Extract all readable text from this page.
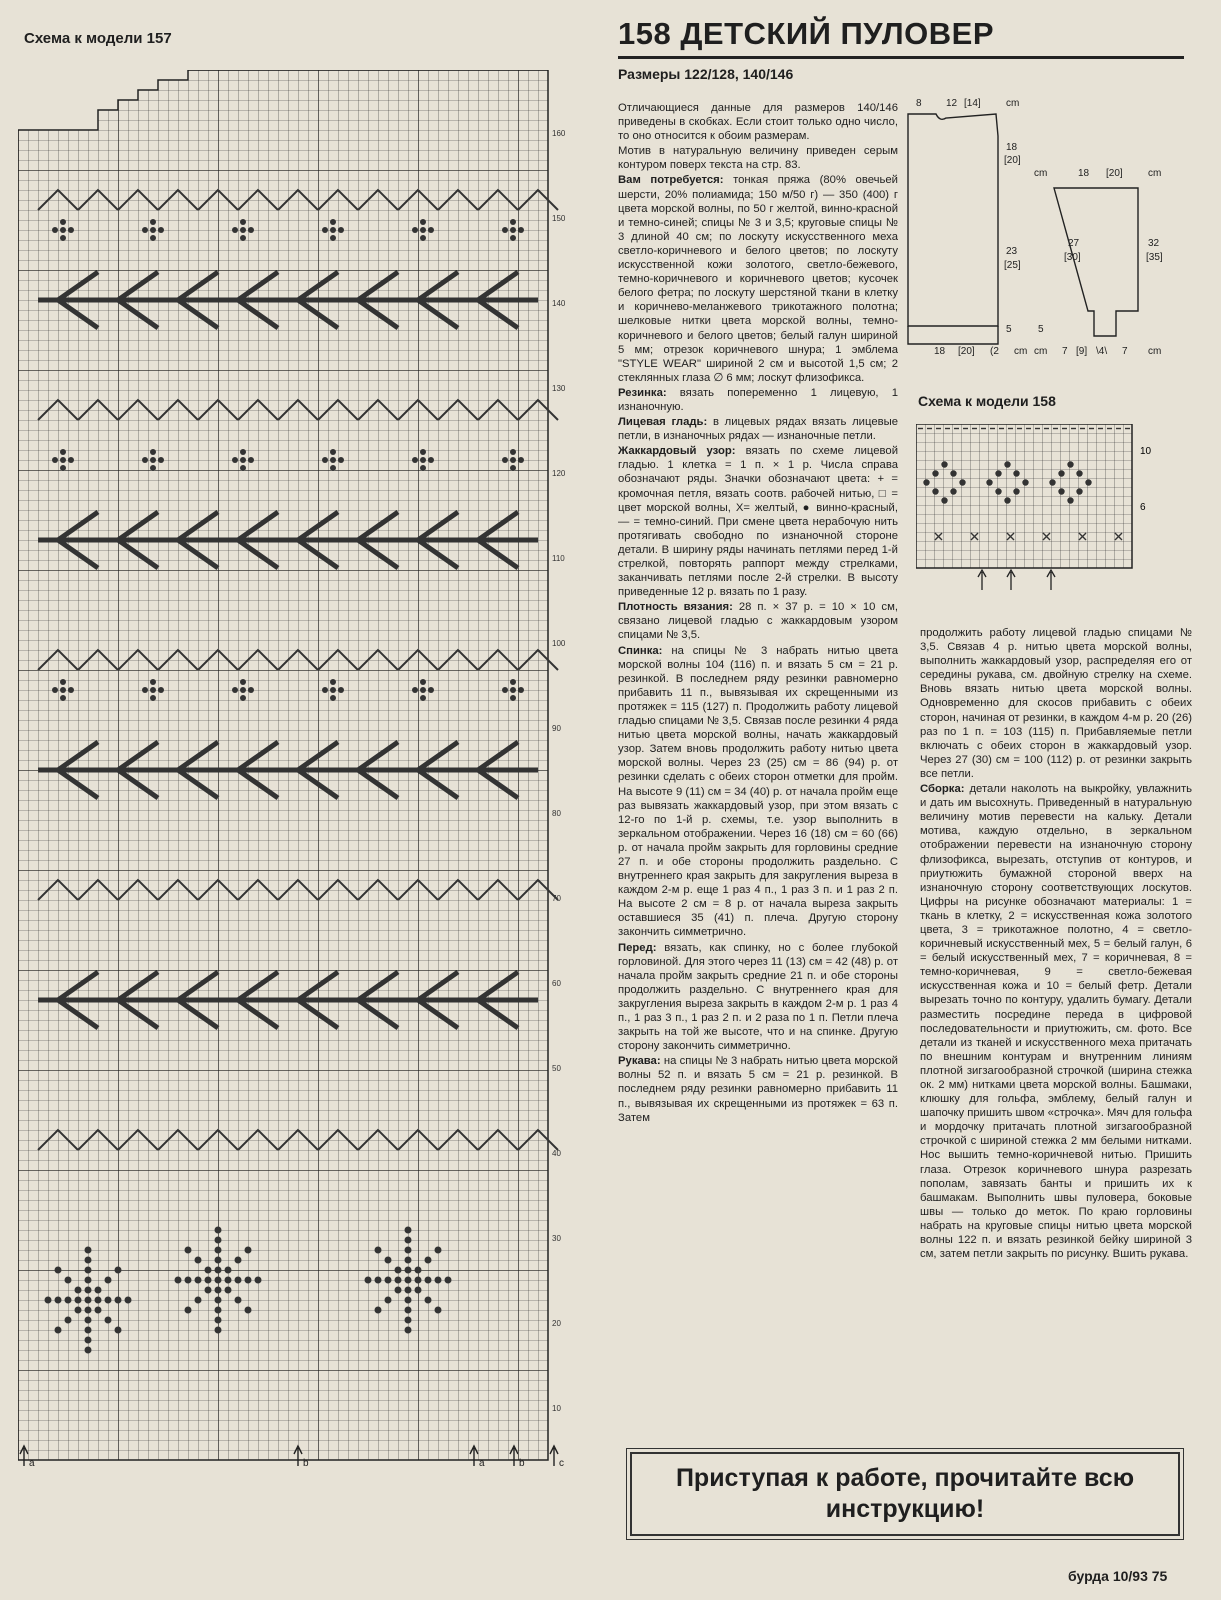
Схема к модели 157
160
150
140
130
120
110
100
90
80
70
60
50
40
30
20
10
a	b	a	b	c
158 ДЕТСКИЙ ПУЛОВЕР
Размеры 122/128, 140/146

Отличающиеся данные для размеров 140/146 приведены в скобках. Если стоит только одно число, то оно относится к обоим размерам.

Мотив в натуральную величину приведен серым контуром поверх текста на стр. 83.

Вам потребуется: тонкая пряжа (80% овечьей шерсти, 20% полиамида; 150 м/50 г) — 350 (400) г цвета морской волны, по 50 г желтой, винно-красной и темно-синей; спицы № 3 и 3,5; круговые спицы № 3 длиной 40 см; по лоскуту искусственного меха светло-коричневого и белого цветов; по лоскуту искусственной кожи золотого, светло-бежевого, темно-коричневого и коричневого цветов; кусочек белого фетра; по лоскуту шерстяной ткани в клетку и коричнево-меланжевого трикотажного полотна; шелковые нитки цвета морской волны, темно-коричневого и белого цветов; белый галун шириной 5 мм; отрезок коричневого шнура; 1 эмблема "STYLE WEAR" шириной 2 см и высотой 1,5 см; 2 стеклянных глаза ∅ 6 мм; лоскут флизофикса.

Резинка: вязать попеременно 1 лицевую, 1 изнаночную.

Лицевая гладь: в лицевых рядах вязать лицевые петли, в изнаночных рядах — изнаночные петли.

Жаккардовый узор: вязать по схеме лицевой гладью. 1 клетка = 1 п. × 1 р. Числа справа обозначают ряды. Значки обозначают цвета: + = кромочная петля, вязать соотв. рабочей нитью, □ = цвет морской волны, X= желтый, ● винно-красный, — = темно-синий. При смене цвета нерабочую нить протягивать свободно по изнаночной стороне детали. В ширину ряды начинать петлями перед 1-й стрелкой, повторять раппорт между стрелками, заканчивать петлями после 2-й стрелки. В высоту приведенные 12 р. вязать по 1 разу.

Плотность вязания: 28 п. × 37 р. = 10 × 10 см, связано лицевой гладью с жаккардовым узором спицами № 3,5.

Спинка: на спицы № 3 набрать нитью цвета морской волны 104 (116) п. и вязать 5 см = 21 р. резинкой. В последнем ряду резинки равномерно прибавить 11 п., вывязывая их скрещенными из протяжек = 115 (127) п. Продолжить работу лицевой гладью спицами № 3,5. Связав после резинки 4 ряда нитью цвета морской волны, начать жаккардовый узор. Затем вновь продолжить работу нитью цвета морской волны. Через 23 (25) см = 86 (94) р. от резинки сделать с обеих сторон отметки для пройм. На высоте 9 (11) см = 34 (40) р. от начала пройм еще раз вывязать жаккардовый узор, при этом вязать с 12-го по 1-й р. схемы, т.е. узор выполнить в зеркальном отображении. Через 16 (18) см = 60 (66) р. от начала пройм закрыть для горловины средние 27 п. и обе стороны продолжить раздельно. С внутреннего края закрыть для закругления выреза в каждом 2-м р. еще 1 раз 4 п., 1 раз 3 п. и 1 раз 2 п. На высоте 2 см = 8 р. от начала выреза закрыть оставшиеся 35 (41) п. плеча. Другую сторону закончить симметрично.

Перед: вязать, как спинку, но с более глубокой горловиной. Для этого через 11 (13) см = 42 (48) р. от начала пройм закрыть средние 21 п. и обе стороны продолжить раздельно. С внутреннего края для закругления выреза закрыть в каждом 2-м р. 1 раз 4 п., 1 раз 3 п., 1 раз 2 п. и 2 раза по 1 п. Петли плеча закрыть на той же высоте, что и на спинке. Другую сторону закончить симметрично.

Рукава: на спицы № 3 набрать нитью цвета морской волны 52 п. и вязать 5 см = 21 р. резинкой. В последнем ряду резинки равномерно прибавить 11 п., вывязывая их скрещенными из протяжек = 63 п. Затем

8 12 [14]	cm
18
[20]
23
[25]
5
18 [20] (2 cm
cm	18 [20]	cm
27
[30]
32
[35]
5
cm 7 [9] \4\ 7 cm
Схема к модели 158
10
6

продолжить работу лицевой гладью спицами № 3,5. Связав 4 р. нитью цвета морской волны, выполнить жаккардовый узор, распределяя его от середины рукава, см. двойную стрелку на схеме. Вновь вязать нитью цвета морской волны. Одновременно для скосов прибавить с обеих сторон, начиная от резинки, в каждом 4-м р. 20 (26) раз по 1 п. = 103 (115) п. Прибавляемые петли включать с обеих сторон в жаккардовый узор. Через 27 (30) см = 100 (112) р. от резинки закрыть все петли.

Сборка: детали наколоть на выкройку, увлажнить и дать им высохнуть. Приведенный в натуральную величину мотив перевести на кальку. Детали мотива, каждую отдельно, в зеркальном отображении перевести на изнаночную сторону флизофикса, вырезать, отступив от контуров, и приутюжить бумажной стороной вверх на изнаночную сторону соответствующих лоскутов. Цифры на рисунке обозначают материалы: 1 = ткань в клетку, 2 = искусственная кожа золотого цвета, 3 = трикотажное полотно, 4 = светло-коричневый искусственный мех, 5 = белый галун, 6 = белый искусственный мех, 7 = коричневая, 8 = темно-коричневая, 9 = светло-бежевая искусственная кожа и 10 = белый фетр. Детали вырезать точно по контуру, удалить бумагу. Детали разместить посредине переда в цифровой последовательности и приутюжить, см. фото. Все детали из тканей и искусственного меха притачать по внешним контурам и внутренним линиям плотной зигзагообразной строчкой (ширина стежка ок. 2 мм) нитками цвета морской волны. Башмаки, клюшку для гольфа, эмблему, белый галун и шапочку пришить швом «строчка». Мяч для гольфа и мордочку притачать плотной зигзагообразной строчкой с шириной стежка 2 мм белыми нитками. Нос вышить темно-коричневой нитью. Пришить глаза. Отрезок коричневого шнура разрезать пополам, завязать банты и пришить их к башмакам. Выполнить швы пуловера, боковые швы — только до меток. По краю горловины набрать на круговые спицы нитью цвета морской волны 122 п. и вязать резинкой бейку шириной 3 см, затем петли закрыть по рисунку. Вшить рукава.

Приступая к работе, прочитайте всю инструкцию!
бурда 10/93 75
